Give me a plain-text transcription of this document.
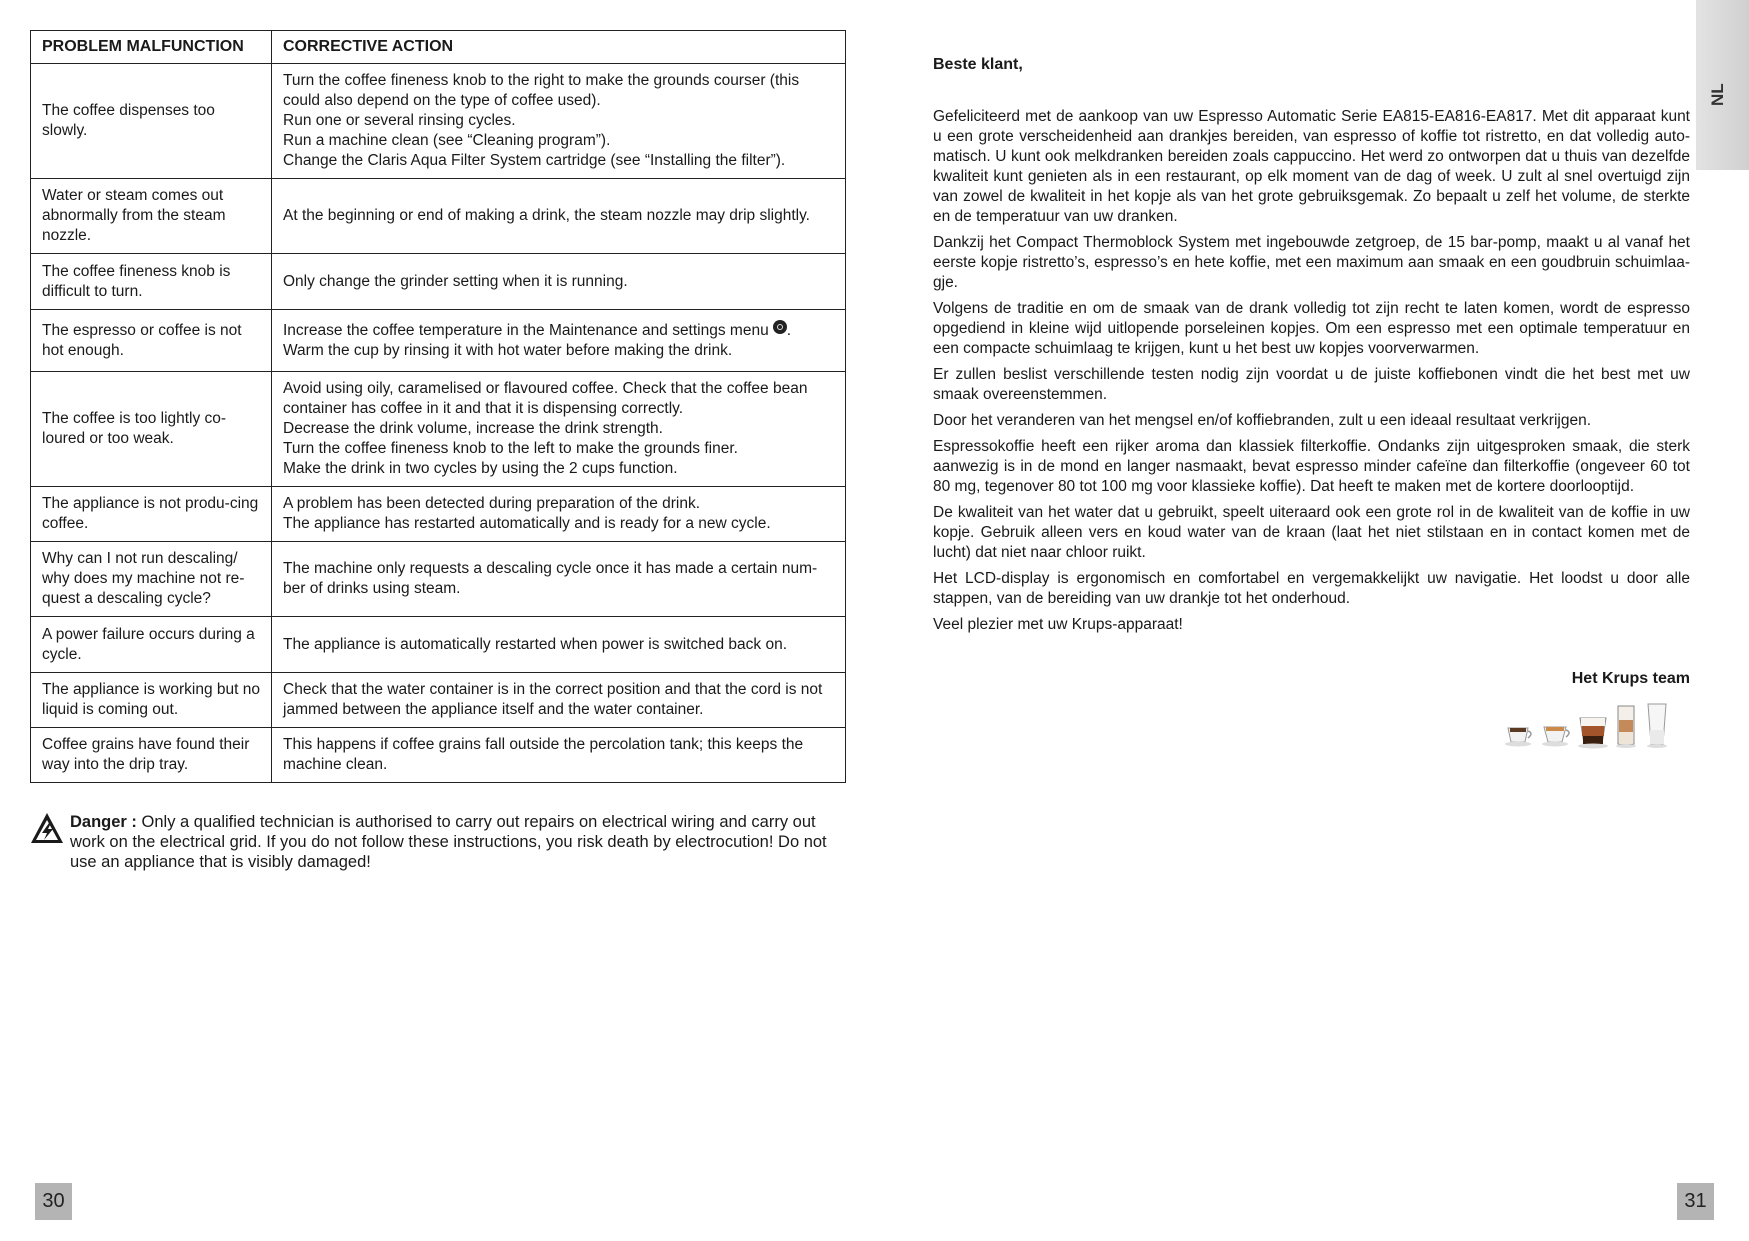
PROBLEM MALFUNCTION	CORRECTIVE ACTION
The coffee dispenses too slowly.	Turn the coffee fineness knob to the right to make the grounds courser (this could also depend on the type of coffee used).
Run one or several rinsing cycles.
Run a machine clean (see “Cleaning program”).
Change the Claris Aqua Filter System cartridge (see “Installing the filter”).

Water or steam comes out abnormally from the steam nozzle.	At the beginning or end of making a drink, the steam nozzle may drip slightly.

The coffee fineness knob is difficult to turn.	Only change the grinder setting when it is running.

The espresso or coffee is not hot enough.	Increase the coffee temperature in the Maintenance and settings menu .
Warm the cup by rinsing it with hot water before making the drink.

The coffee is too lightly co-loured or too weak.	Avoid using oily, caramelised or flavoured coffee. Check that the coffee bean container has coffee in it and that it is dispensing correctly.
Decrease the drink volume, increase the drink strength.
Turn the coffee fineness knob to the left to make the grounds finer.
Make the drink in two cycles by using the 2 cups function.

The appliance is not produ-cing coffee.	A problem has been detected during preparation of the drink.
The appliance has restarted automatically and is ready for a new cycle.

Why can I not run descaling/ why does my machine not re-quest a descaling cycle?	The machine only requests a descaling cycle once it has made a certain num-ber of drinks using steam.

A power failure occurs during a cycle.	The appliance is automatically restarted when power is switched back on.

The appliance is working but no liquid is coming out.	Check that the water container is in the correct position and that the cord is not jammed between the appliance itself and the water container.

Coffee grains have found their way into the drip tray.	This happens if coffee grains fall outside the percolation tank; this keeps the machine clean.
Danger : Only a qualified technician is authorised to carry out repairs on electrical wiring and carry out work on the electrical grid. If you do not follow these instructions, you risk death by electrocution! Do not use an appliance that is visibly damaged!
30
NL

Beste klant,

Gefeliciteerd met de aankoop van uw Espresso Automatic Serie EA815-EA816-EA817. Met dit apparaat kunt u een grote verscheidenheid aan drankjes bereiden, van espresso of koffie tot ristretto, en dat volledig auto-matisch. U kunt ook melkdranken bereiden zoals cappuccino. Het werd zo ontworpen dat u thuis van dezelfde kwaliteit kunt genieten als in een restaurant, op elk moment van de dag of week. U zult al snel overtuigd zijn van zowel de kwaliteit in het kopje als van het grote gebruiksgemak. Zo bepaalt u zelf het volume, de sterkte en de temperatuur van uw dranken.

Dankzij het Compact Thermoblock System met ingebouwde zetgroep, de 15 bar-pomp, maakt u al vanaf het eerste kopje ristretto’s, espresso’s en hete koffie, met een maximum aan smaak en een goudbruin schuimlaa-gje.

Volgens de traditie en om de smaak van de drank volledig tot zijn recht te laten komen, wordt de espresso opgediend in kleine wijd uitlopende porseleinen kopjes. Om een espresso met een optimale temperatuur en een compacte schuimlaag te krijgen, kunt u het best uw kopjes voorverwarmen.

Er zullen beslist verschillende testen nodig zijn voordat u de juiste koffiebonen vindt die het best met uw smaak overeenstemmen.

Door het veranderen van het mengsel en/of koffiebranden, zult u een ideaal resultaat verkrijgen.

Espressokoffie heeft een rijker aroma dan klassiek filterkoffie. Ondanks zijn uitgesproken smaak, die sterk aanwezig is in de mond en langer nasmaakt, bevat espresso minder cafeïne dan filterkoffie (ongeveer 60 tot 80 mg, tegenover 80 tot 100 mg voor klassieke koffie). Dat heeft te maken met de kortere doorlooptijd.

De kwaliteit van het water dat u gebruikt, speelt uiteraard ook een grote rol in de kwaliteit van de koffie in uw kopje. Gebruik alleen vers en koud water van de kraan (laat het niet stilstaan en in contact komen met de lucht) dat niet naar chloor ruikt.

Het LCD-display is ergonomisch en comfortabel en vergemakkelijkt uw navigatie. Het loodst u door alle stappen, van de bereiding van uw drankje tot het onderhoud.

Veel plezier met uw Krups-apparaat!

Het Krups team
31
